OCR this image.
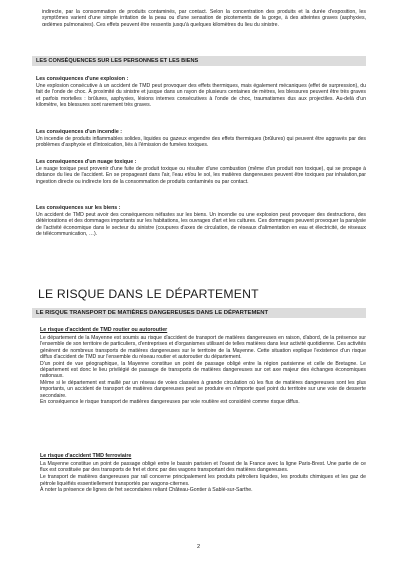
indirecte, par la consommation de produits contaminés, par contact. Selon la concentration des produits et la durée d'exposition, les symptômes varient d'une simple irritation de la peau ou d'une sensation de picotements de la gorge, à des atteintes graves (asphyxies, œdèmes pulmonaires). Ces effets peuvent être ressentis jusqu'à quelques kilomètres du lieu du sinistre.

LES CONSÉQUENCES SUR LES PERSONNES ET LES BIENS
Les conséquences d'une explosion :

Une explosion consécutive à un accident de TMD peut provoquer des effets thermiques, mais également mécaniques (effet de surpression), du fait de l'onde de choc. À proximité du sinistre et jusque dans un rayon de plusieurs centaines de mètres, les blessures peuvent être très graves et parfois mortelles : brûlures, asphyxies, lésions internes consécutives à l'onde de choc, traumatismes dus aux projectiles. Au-delà d'un kilomètre, les blessures sont rarement très graves.

Les conséquences d'un incendie :

Un incendie de produits inflammables solides, liquides ou gazeux engendre des effets thermiques (brûlures) qui peuvent être aggravés par des problèmes d'asphyxie et d'intoxication, liés à l'émission de fumées toxiques.

Les conséquences d'un nuage toxique :

Le nuage toxique peut provenir d'une fuite de produit toxique ou résulter d'une combustion (même d'un produit non toxique), qui se propage à distance du lieu de l'accident. En se propageant dans l'air, l'eau et/ou le sol, les matières dangereuses peuvent être toxiques par inhalation,par ingestion directe ou indirecte lors de la consommation de produits contaminés ou par contact.

Les conséquences sur les biens :

Un accident de TMD peut avoir des conséquences néfastes sur les biens. Un incendie ou une explosion peut provoquer des destructions, des détériorations et des dommages importants sur les habitations, les ouvrages d'art et les cultures. Ces dommages peuvent provoquer la paralysie de l'activité économique dans le secteur du sinistre (coupures d'axes de circulation, de réseaux d'alimentation en eau et électricité, de réseaux de télécommunication, …).

LE RISQUE DANS LE DÉPARTEMENT
LE RISQUE TRANSPORT DE MATIÈRES DANGEREUSES DANS LE DÉPARTEMENT
Le risque d'accident de TMD routier ou autoroutier

Le département de la Mayenne est soumis au risque d'accident de transport de matières dangereuses en raison, d'abord, de la présence sur l'ensemble de son territoire de particuliers, d'entreprises et d'organismes utilisant de telles matières dans leur activité quotidienne. Ces activités génèrent de nombreux transports de matières dangereuses sur le territoire de la Mayenne. Cette situation explique l'existence d'un risque diffus d'accident de TMD sur l'ensemble du réseau routier et autoroutier du département.

D'un point de vue géographique, la Mayenne constitue un point de passage obligé entre la région parisienne et celle de Bretagne. Le département est donc le lieu privilégié de passage de transports de matières dangereuses sur cet axe majeur des échanges économiques nationaux.

Même si le département est maillé par un réseau de voies classées à grande circulation où les flux de matières dangereuses sont les plus importants, un accident de transport de matières dangereuses peut se produire en n'importe quel point du territoire sur une voie de desserte secondaire.

En conséquence le risque transport de matières dangereuses par voie routière est considéré comme risque diffus.

Le risque d'accident TMD ferroviaire

La Mayenne constitue un point de passage obligé entre le bassin parisien et l'ouest de la France avec la ligne Paris-Brest. Une partie de ce flux est constituée par des transports de fret et donc par des wagons transportant des matières dangereuses.

Le transport de matières dangereuses par rail concerne principalement les produits pétroliers liquides, les produits chimiques et les gaz de pétrole liquéfiés essentiellement transportés par wagons-citernes.

À noter la présence de lignes de fret secondaires reliant Château-Gontier à Sablé-sur-Sarthe.

2
